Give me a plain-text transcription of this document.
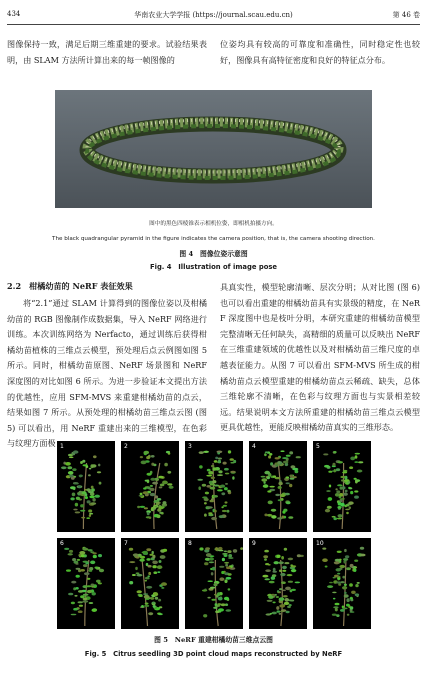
434	华南农业大学学报 (https://journal.scau.edu.cn)	第 46 卷
图像保持一致，满足后期三维重建的要求。试验结果表明，由 SLAM 方法所计算出来的每一帧图像的
位姿均具有较高的可靠度和准确性，同时稳定性也较好，图像具有高特征密度和良好的特征点分布。
图中的黑色四棱锥表示相机位姿，即相机拍摄方向。
The black quadrangular pyramid in the figure indicates the camera position, that is, the camera shooting direction.
图 4　图像位姿示意图
Fig. 4　Illustration of image pose
2.2　柑橘幼苗的 NeRF 表征效果
将“2.1”通过 SLAM 计算得到的图像位姿以及柑橘幼苗的 RGB 图像制作成数据集，导入 NeRF 网络进行训练。本次训练网络为 Nerfacto，通过训练后获得柑橘幼苗植株的三维点云模型，预处理后点云例图如图 5 所示。同时，柑橘幼苗原图、NeRF 场景图和 NeRF 深度图的对比如图 6 所示。为进一步验证本文提出方法的优越性，应用 SFM-MVS 来重建柑橘幼苗的点云，结果如图 7 所示。从预处理的柑橘幼苗三维点云图 (图 5) 可以看出，用 NeRF 重建出来的三维模型，在色彩与纹理方面极
具真实性，模型轮廓清晰、层次分明；从对比图 (图 6) 也可以看出重建的柑橘幼苗具有实景级的精度，在 NeRF 深度图中也是枝叶分明，本研究重建的柑橘幼苗模型完整清晰无任何缺失，高精细的质量可以反映出 NeRF 在三维重建领域的优越性以及对柑橘幼苗三维尺度的卓越表征能力。从图 7 可以看出 SFM-MVS 所生成的柑橘幼苗点云模型重建的柑橘幼苗点云稀疏、缺失，总体三维轮廓不清晰，在色彩与纹理方面也与实景相差较远。结果说明本文方法所重建的柑橘幼苗三维点云模型更具优越性，更能反映柑橘幼苗真实的三维形态。
1	2	3	4	5
6	7	8	9	10
图 5　NeRF 重建柑橘幼苗三维点云图
Fig. 5　Citrus seedling 3D point cloud maps reconstructed by NeRF
